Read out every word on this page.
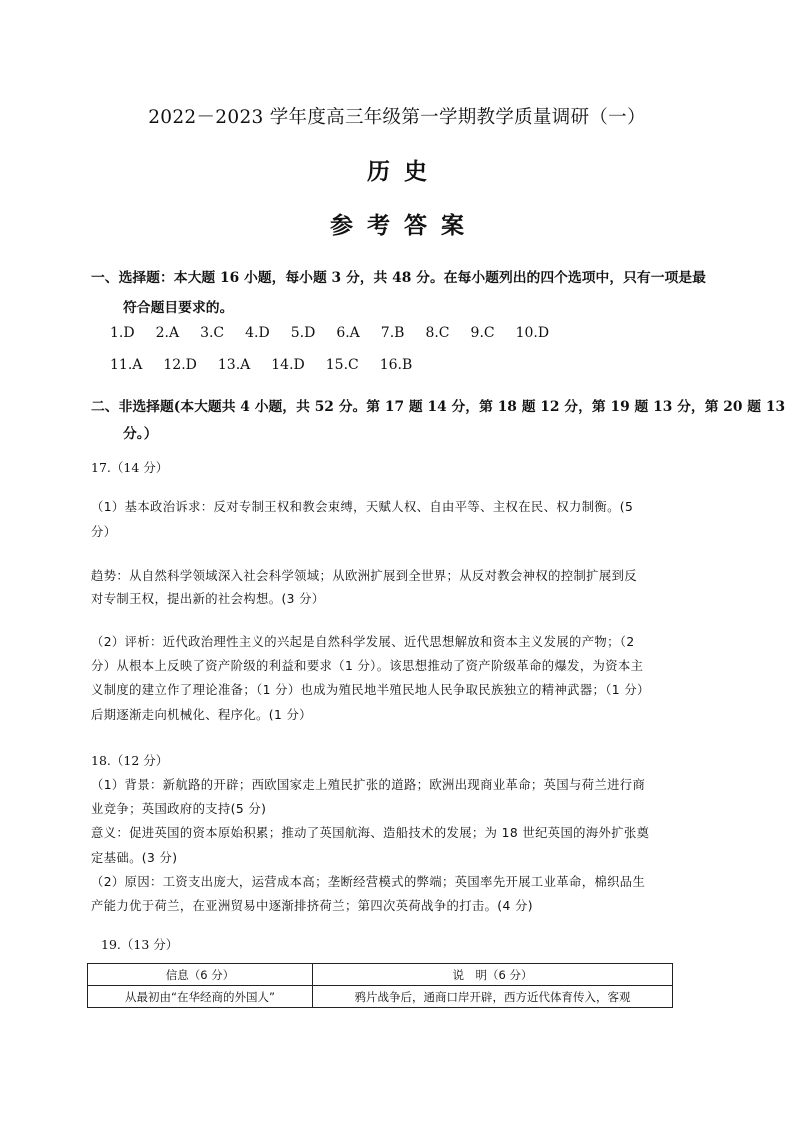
2022－2023 学年度高三年级第一学期教学质量调研（一）
历史
参考答案
一、选择题：本大题 16 小题，每小题 3 分，共 48 分。在每小题列出的四个选项中，只有一项是最
符合题目要求的。
1.D 2.A 3.C 4.D 5.D 6.A 7.B 8.C 9.C 10.D
11.A 12.D 13.A 14.D 15.C 16.B
二、非选择题(本大题共 4 小题，共 52 分。第 17 题 14 分，第 18 题 12 分，第 19 题 13 分，第 20 题 13
分。）
17.（14 分）
（1）基本政治诉求：反对专制王权和教会束缚，天赋人权、自由平等、主权在民、权力制衡。(5
分）
趋势：从自然科学领域深入社会科学领域；从欧洲扩展到全世界；从反对教会神权的控制扩展到反
对专制王权，提出新的社会构想。(3 分）
（2）评析：近代政治理性主义的兴起是自然科学发展、近代思想解放和资本主义发展的产物；（2
分）从根本上反映了资产阶级的利益和要求（1 分）。该思想推动了资产阶级革命的爆发，为资本主
义制度的建立作了理论准备；（1 分）也成为殖民地半殖民地人民争取民族独立的精神武器；（1 分）
后期逐渐走向机械化、程序化。(1 分）
18.（12 分）
（1）背景：新航路的开辟；西欧国家走上殖民扩张的道路；欧洲出现商业革命；英国与荷兰进行商
业竞争；英国政府的支持(5 分)
意义：促进英国的资本原始积累；推动了英国航海、造船技术的发展；为 18 世纪英国的海外扩张奠
定基础。(3 分)
（2）原因：工资支出庞大，运营成本高；垄断经营模式的弊端；英国率先开展工业革命，棉织品生
产能力优于荷兰，在亚洲贸易中逐渐排挤荷兰；第四次英荷战争的打击。(4 分)
19.（13 分）
信息（6 分）	说　明（6 分）
从最初由“在华经商的外国人”	鸦片战争后，通商口岸开辟，西方近代体育传入，客观
